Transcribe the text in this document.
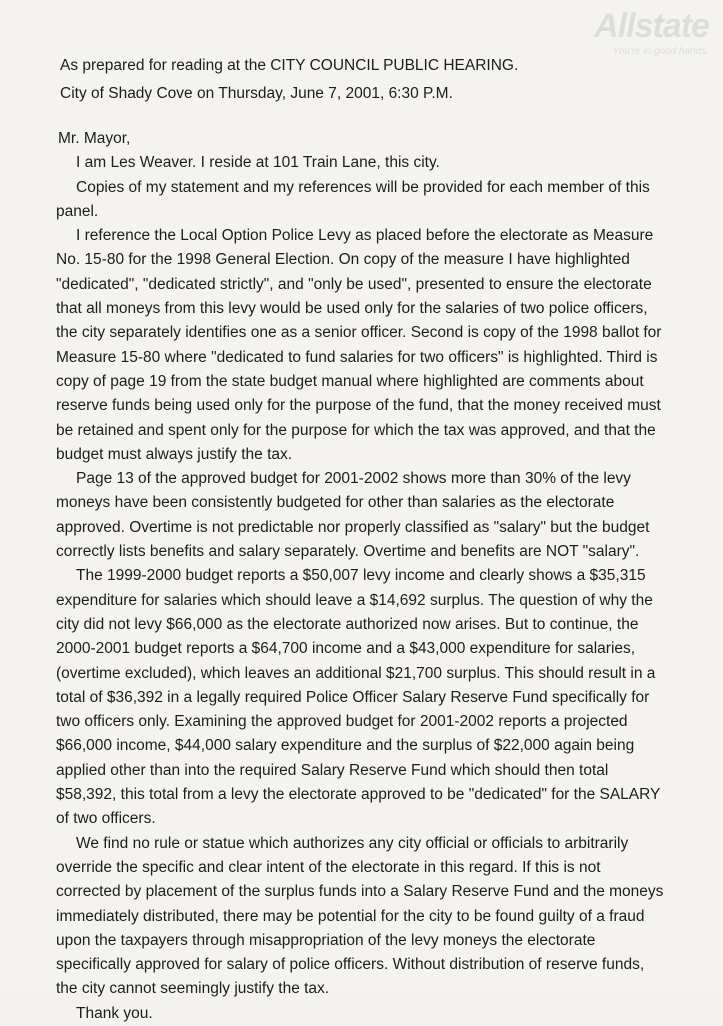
Allstate
You're in good hands.
As prepared for reading at the CITY COUNCIL PUBLIC HEARING.
City of Shady Cove on Thursday, June 7, 2001, 6:30 P.M.

Mr. Mayor,

I am Les Weaver. I reside at 101 Train Lane, this city.

Copies of my statement and my references will be provided for each member of this panel.

I reference the Local Option Police Levy as placed before the electorate as Measure No. 15-80 for the 1998 General Election. On copy of the measure I have highlighted "dedicated", "dedicated strictly", and "only be used", presented to ensure the electorate that all moneys from this levy would be used only for the salaries of two police officers, the city separately identifies one as a senior officer. Second is copy of the 1998 ballot for Measure 15-80 where "dedicated to fund salaries for two officers" is highlighted. Third is copy of page 19 from the state budget manual where highlighted are comments about reserve funds being used only for the purpose of the fund, that the money received must be retained and spent only for the purpose for which the tax was approved, and that the budget must always justify the tax.

Page 13 of the approved budget for 2001-2002 shows more than 30% of the levy moneys have been consistently budgeted for other than salaries as the electorate approved. Overtime is not predictable nor properly classified as "salary" but the budget correctly lists benefits and salary separately. Overtime and benefits are NOT "salary".

The 1999-2000 budget reports a $50,007 levy income and clearly shows a $35,315 expenditure for salaries which should leave a $14,692 surplus. The question of why the city did not levy $66,000 as the electorate authorized now arises. But to continue, the 2000-2001 budget reports a $64,700 income and a $43,000 expenditure for salaries, (overtime excluded), which leaves an additional $21,700 surplus. This should result in a total of $36,392 in a legally required Police Officer Salary Reserve Fund specifically for two officers only. Examining the approved budget for 2001-2002 reports a projected $66,000 income, $44,000 salary expenditure and the surplus of $22,000 again being applied other than into the required Salary Reserve Fund which should then total $58,392, this total from a levy the electorate approved to be "dedicated" for the SALARY of two officers.

We find no rule or statue which authorizes any city official or officials to arbitrarily override the specific and clear intent of the electorate in this regard. If this is not corrected by placement of the surplus funds into a Salary Reserve Fund and the moneys immediately distributed, there may be potential for the city to be found guilty of a fraud upon the taxpayers through misappropriation of the levy moneys the electorate specifically approved for salary of police officers. Without distribution of reserve funds, the city cannot seemingly justify the tax.

Thank you.
